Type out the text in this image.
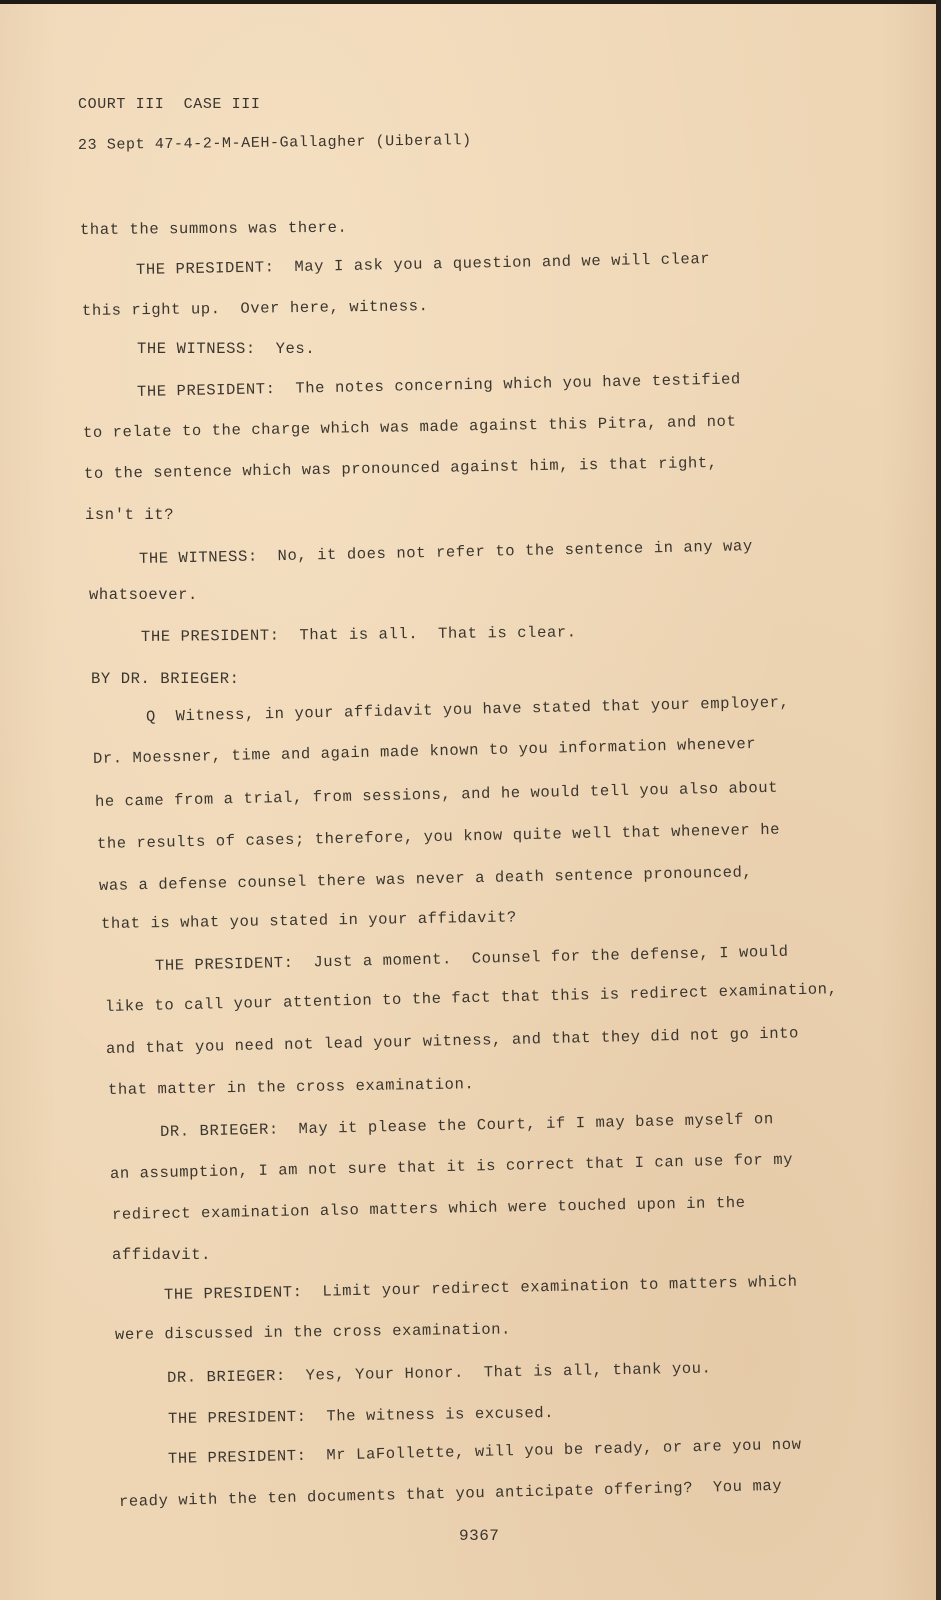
COURT III  CASE III

23 Sept 47-4-2-M-AEH-Gallagher (Uiberall)

that the summons was there.

THE PRESIDENT:  May I ask you a question and we will clear

this right up.  Over here, witness.

THE WITNESS:  Yes.

THE PRESIDENT:  The notes concerning which you have testified

to relate to the charge which was made against this Pitra, and not

to the sentence which was pronounced against him, is that right,

isn't it?

THE WITNESS:  No, it does not refer to the sentence in any way

whatsoever.

THE PRESIDENT:  That is all.  That is clear.

BY DR. BRIEGER:

Q  Witness, in your affidavit you have stated that your employer,

Dr. Moessner, time and again made known to you information whenever

he came from a trial, from sessions, and he would tell you also about

the results of cases; therefore, you know quite well that whenever he

was a defense counsel there was never a death sentence pronounced,

that is what you stated in your affidavit?

THE PRESIDENT:  Just a moment.  Counsel for the defense, I would

like to call your attention to the fact that this is redirect examination,

and that you need not lead your witness, and that they did not go into

that matter in the cross examination.

DR. BRIEGER:  May it please the Court, if I may base myself on

an assumption, I am not sure that it is correct that I can use for my

redirect examination also matters which were touched upon in the

affidavit.

THE PRESIDENT:  Limit your redirect examination to matters which

were discussed in the cross examination.

DR. BRIEGER:  Yes, Your Honor.  That is all, thank you.

THE PRESIDENT:  The witness is excused.

THE PRESIDENT:  Mr LaFollette, will you be ready, or are you now

ready with the ten documents that you anticipate offering?  You may

9367
